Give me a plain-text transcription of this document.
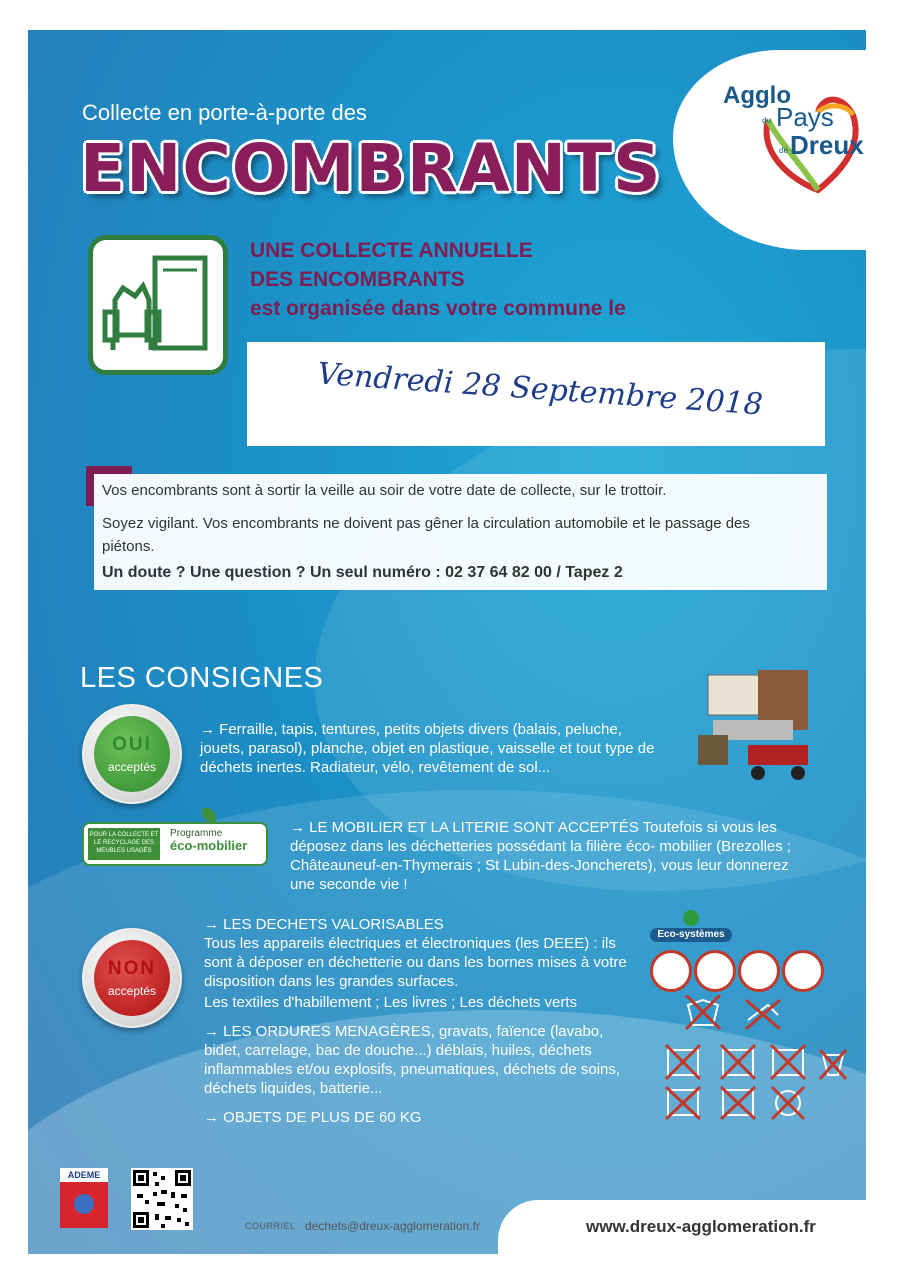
Agglo
du Pays
de Dreux
Collecte en porte-à-porte des
ENCOMBRANTS
UNE COLLECTE ANNUELLE
DES ENCOMBRANTS
est organisée dans votre commune le
Vendredi 28 Septembre 2018
Vos encombrants sont à sortir la veille au soir de votre date de collecte, sur le trottoir.
Soyez vigilant. Vos encombrants ne doivent pas gêner la circulation automobile et le passage des piétons.
Un doute ? Une question ? Un seul numéro : 02 37 64 82 00 / Tapez 2
LES CONSIGNES
OUI
acceptés
→ Ferraille, tapis, tentures, petits objets divers (balais, peluche, jouets, parasol), planche, objet en plastique, vaisselle et tout type de déchets inertes. Radiateur, vélo, revêtement de sol...
POUR LA COLLECTE ET LE RECYCLAGE DES MEUBLES USAGÉS
Programme
éco-mobilier
→ LE MOBILIER ET LA LITERIE SONT ACCEPTÉS Toutefois si vous les déposez dans les déchetteries possédant la filière éco- mobilier (Brezolles ; Châteauneuf-en-Thymerais ; St Lubin-des-Joncherets), vous leur donnerez une seconde vie !
NON
acceptés
→ LES DECHETS VALORISABLES
Tous les appareils électriques et électroniques (les DEEE) : ils sont à déposer en déchetterie ou dans les bornes mises à votre disposition dans les grandes surfaces.
Les textiles d'habillement ; Les livres ; Les déchets verts
→ LES ORDURES MENAGÈRES, gravats, faïence (lavabo, bidet, carrelage, bac de douche...) déblais, huiles, déchets inflammables et/ou explosifs, pneumatiques, déchets de soins, déchets liquides, batterie...
→ OBJETS DE PLUS DE 60 KG
Eco-systèmes
www.dreux-agglomeration.fr
COURRIEL dechets@dreux-agglomeration.fr
ADEME
